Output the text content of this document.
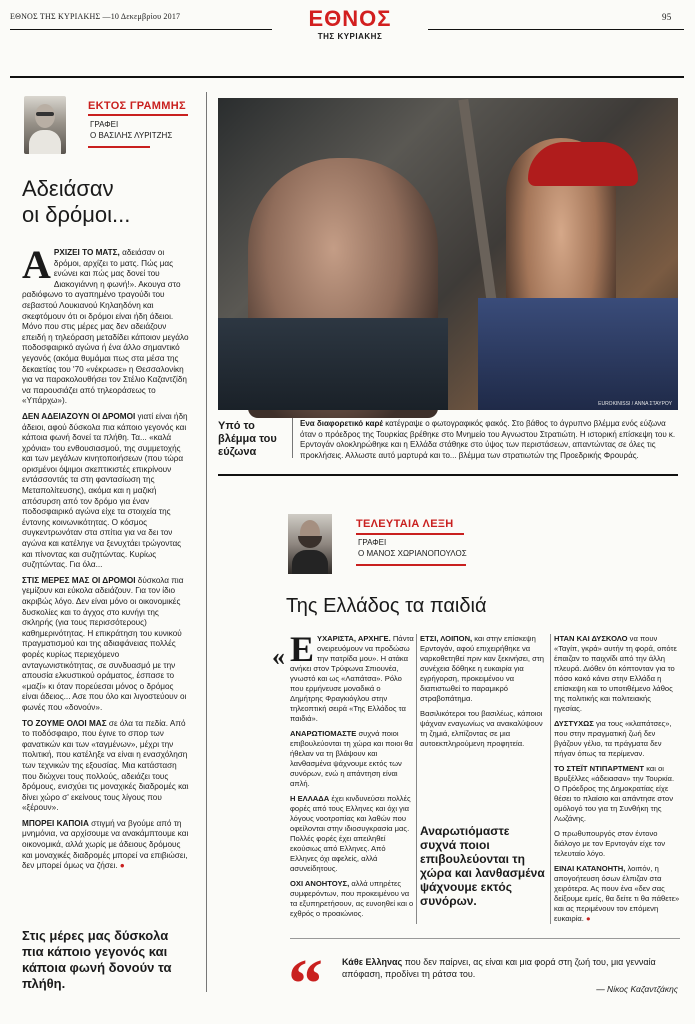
ΕΘΝΟΣ ΤΗΣ ΚΥΡΙΑΚΗΣ —10 Δεκεμβρίου 2017	ΕΘΝΟΣ
ΤΗΣ ΚΥΡΙΑΚΗΣ
95
ΕΚΤΟΣ ΓΡΑΜΜΗΣ
ΓΡΑΦΕΙ
Ο ΒΑΣΙΛΗΣ ΛΥΡΙΤΖΗΣ
Αδειάσαν
οι δρόμοι...

ΑΡΧΙΖΕΙ ΤΟ ΜΑΤΣ, αδειάσαν οι δρόμοι, αρχίζει το ματς. Πώς μας ενώνει και πώς μας δονεί του Διακογιάννη η φωνή!». Ακουγα στο ραδιόφωνο το αγαπημένο τραγούδι του σεβαστού Λουκιανού Κηλαηδόνη και σκεφτόμουν ότι οι δρόμοι είναι ήδη άδειοι. Μόνο που στις μέρες μας δεν αδειάζουν επειδή η τηλεόραση μεταδίδει κάποιον μεγάλο ποδοσφαιρικό αγώνα ή ένα άλλο σημαντικό γεγονός (ακόμα θυμάμαι πως στα μέσα της δεκαετίας του '70 «νέκρωσε» η Θεσσαλονίκη για να παρακολουθήσει τον Στέλιο Καζαντζίδη να παρουσιάζει από τηλεοράσεως το «Υπάρχω»).

ΔΕΝ ΑΔΕΙΑΖΟΥΝ ΟΙ ΔΡΟΜΟΙ γιατί είναι ήδη άδειοι, αφού δύσκολα πια κάποιο γεγονός και κάποια φωνή δονεί τα πλήθη. Τα... «καλά χρόνια» του ενθουσιασμού, της συμμετοχής και των μεγάλων κινητοποιήσεων (που τώρα ορισμένοι όψιμοι σκεπτικιστές επικρίνουν εντάσσοντάς τα στη φαντασίωση της Μεταπολίτευσης), ακόμα και η μαζική απόσυρση από τον δρόμο για έναν ποδοσφαιρικό αγώνα είχε τα στοιχεία της έντονης κοινωνικότητας. Ο κόσμος συγκεντρωνόταν στα σπίτια για να δει τον αγώνα και κατέληγε να ξενυχτάει τρώγοντας και πίνοντας και συζητώντας. Κυρίως συζητώντας. Για όλα...

ΣΤΙΣ ΜΕΡΕΣ ΜΑΣ ΟΙ ΔΡΟΜΟΙ δύσκολα πια γεμίζουν και εύκολα αδειάζουν. Για τον ίδιο ακριβώς λόγο. Δεν είναι μόνο οι οικονομικές δυσκολίες και το άγχος στο κυνήγι της σκληρής (για τους περισσότερους) καθημερινότητας. Η επικράτηση του κυνικού πραγματισμού και της αδιαφάνειας πολλές φορές κυρίως περιεχόμενο ανταγωνιστικότητας, σε συνδυασμό με την απουσία ελκυστικού οράματος, έσπασε το «μαζί» κι όταν πορεύεσαι μόνος ο δρόμος είναι άδειος... Ασε που όλο και λιγοστεύουν οι φωνές που «δονούν».

ΤΟ ΖΟΥΜΕ ΟΛΟΙ ΜΑΣ σε όλα τα πεδία. Από το ποδόσφαιρο, που έγινε το σπορ των φανατικών και των «ταγμένων», μέχρι την πολιτική, που κατέληξε να είναι η ενασχόληση των τεχνικών της εξουσίας. Μια κατάσταση που διώχνει τους πολλούς, αδειάζει τους δρόμους, ενισχύει τις μοναχικές διαδρομές και δίνει χώρο σ' εκείνους τους λίγους που «ξέρουν».

ΜΠΟΡΕΙ ΚΑΠΟΙΑ στιγμή να βγούμε από τη μνημόνια, να αρχίσουμε να ανακάμπτουμε και οικονομικά, αλλά χωρίς με άδειους δρόμους και μοναχικές διαδρομές μπορεί να επιβιώσει, δεν μπορεί όμως να ζήσει. ●

Στις μέρες μας δύσκολα πια κάποιο γεγονός και κάποια φωνή δονούν τα πλήθη.
EUROKINISSI / ΑΝΝΑ ΣΤΑΥΡΟΥ
Υπό το βλέμμα του εύζωνα
Ενα διαφορετικό καρέ κατέγραψε ο φωτογραφικός φακός. Στο βάθος το άγρυπνο βλέμμα ενός εύζωνα όταν ο πρόεδρος της Τουρκίας βρέθηκε στο Μνημείο του Αγνωστου Στρατιώτη. Η ιστορική επίσκεψη του κ. Ερντογάν ολοκληρώθηκε και η Ελλάδα στάθηκε στο ύψος των περιστάσεων, απαντώντας σε όλες τις προκλήσεις. Αλλωστε αυτό μαρτυρά και το... βλέμμα των στρατιωτών της Προεδρικής Φρουράς.
ΤΕΛΕΥΤΑΙΑ ΛΕΞΗ
ΓΡΑΦΕΙ
Ο ΜΑΝΟΣ ΧΩΡΙΑΝΟΠΟΥΛΟΣ
Της Ελλάδος τα παιδιά
« ΕΥΧΑΡΙΣΤΑ, ΑΡΧΗΓΕ. Πάντα ονειρευόμουν να προδώσω την πατρίδα μου». Η ατάκα ανήκει στον Τρύφωνα Σπιουνέα, γνωστό και ως «Λαπάτσα». Ρόλο που ερμήνευσε μοναδικά ο Δημήτρης Φραγκιόγλου στην τηλεοπτική σειρά «Της Ελλάδος τα παιδιά».

ΑΝΑΡΩΤΙΟΜΑΣΤΕ συχνά ποιοι επιβουλεύονται τη χώρα και ποιοι θα ήθελαν να τη βλάψουν και λανθασμένα ψάχνουμε εκτός των συνόρων, ενώ η απάντηση είναι απλή.

Η ΕΛΛΑΔΑ έχει κινδυνεύσει πολλές φορές από τους Ελληνες και όχι για λόγους νοοτροπίας και λαθών που οφείλονται στην ιδιοσυγκρασία μας. Πολλές φορές έχει απειληθεί εκούσιως από Ελληνες. Από Ελληνες όχι αφελείς, αλλά ασυνείδητους.

ΟΧΙ ΑΝΟΗΤΟΥΣ, αλλά υπηρέτες συμφερόντων, που προκειμένου να τα εξυπηρετήσουν, ας ευνοηθεί και ο εχθρός ο προαιώνιος.

ΕΤΣΙ, ΛΟΙΠΟΝ, και στην επίσκεψη Ερντογάν, αφού επιχειρήθηκε να ναρκοθετηθεί πριν καν ξεκινήσει, στη συνέχεια δόθηκε η ευκαιρία για εγρήγορση, προκειμένου να διαπιστωθεί το παραμικρό στραβοπάτημα.

Βασιλικότεροι του βασιλέως, κάποιοι ψάχναν εναγωνίως να ανακαλύψουν τη ζημιά, ελπίζοντας σε μια αυτοεκπληρούμενη προφητεία.

Αναρωτιόμαστε συχνά ποιοι επιβουλεύονται τη χώρα και λανθασμένα ψάχνουμε εκτός συνόρων.

ΗΤΑΝ ΚΑΙ ΔΥΣΚΟΛΟ να πουν «Ταγίπ, γκρά» αυτήν τη φορά, οπότε έπαιζαν το παιχνίδι από την άλλη πλευρά. Διόθεν ότι κόπτονταν για το πόσο κακό κάνει στην Ελλάδα η επίσκεψη και το υποτιθέμενο λάθος της πολιτικής και πολιτειακής ηγεσίας.

ΔΥΣΤΥΧΩΣ για τους «κλαπάτσες», που στην πραγματική ζωή δεν βγάζουν γέλιο, τα πράγματα δεν πήγαν όπως τα περίμεναν.

ΤΟ ΣΤΕΪΤ ΝΤΙΠΑΡΤΜΕΝΤ και οι Βρυξέλλες «άδειασαν» την Τουρκία. Ο Πρόεδρος της Δημοκρατίας είχε θέσει το πλαίσιο και απάντησε στον ομόλογό του για τη Συνθήκη της Λωζάνης.

Ο πρωθυπουργός στον έντονο διάλογο με τον Ερντογάν είχε τον τελευταίο λόγο.

ΕΙΝΑΙ ΚΑΤΑΝΟΗΤΗ, λοιπόν, η απογοήτευση όσων έλπιζαν στα χειρότερα. Ας πουν ένα «δεν σας δείξουμε εμείς, θα δείτε τι θα πάθετε» και ας περιμένουν τον επόμενη ευκαιρία. ●

“	Κάθε Ελληνας που δεν παίρνει, ας είναι και μια φορά στη ζωή του, μια γενναία απόφαση, προδίνει τη ράτσα του.
— Νίκος Καζαντζάκης
